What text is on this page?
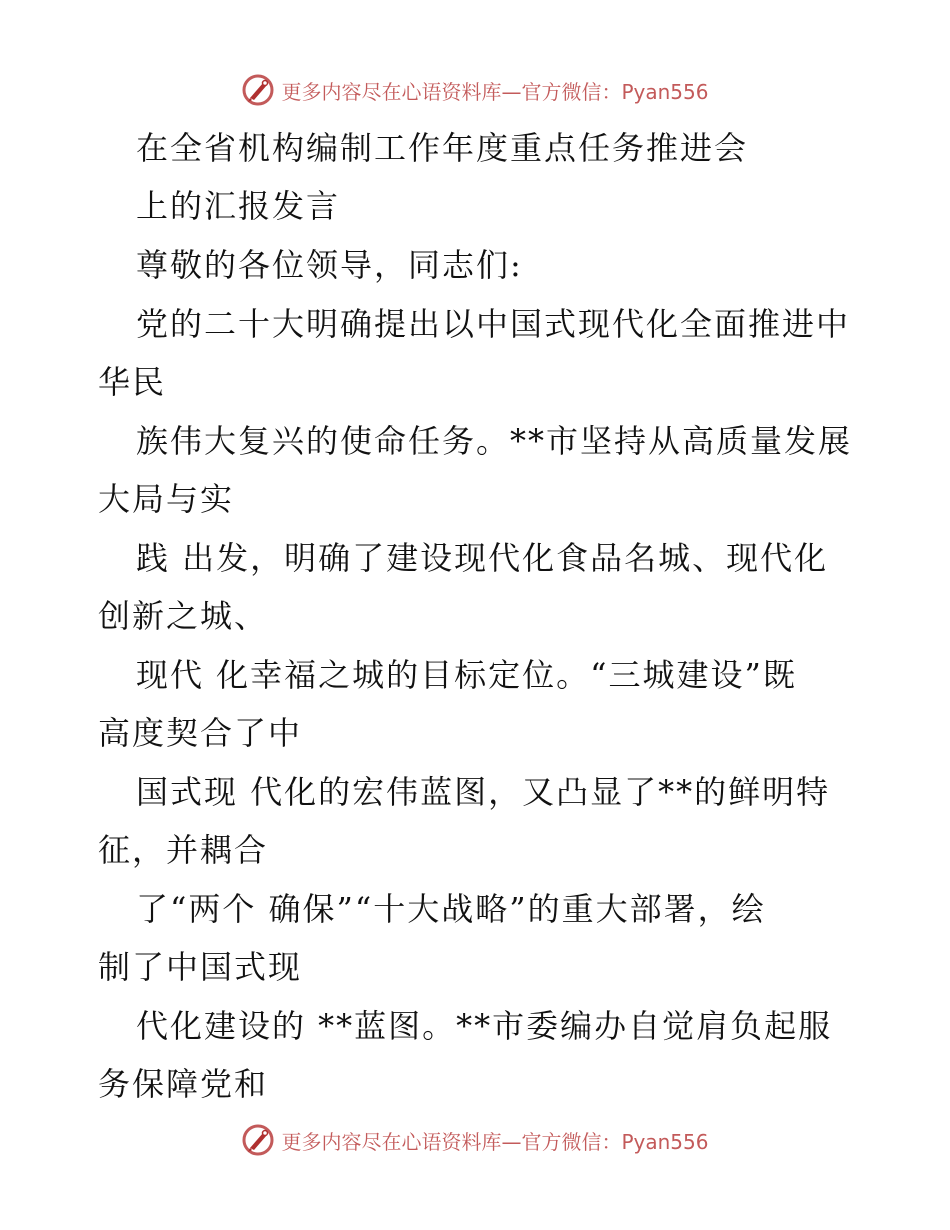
更多内容尽在心语资料库—官方微信：Pyan556
在全省机构编制工作年度重点任务推进会
上的汇报发言
尊敬的各位领导，同志们:
党的二十大明确提出以中国式现代化全面推进中
华民
族伟大复兴的使命任务。**市坚持从高质量发展
大局与实
践 出发，明确了建设现代化食品名城、现代化
创新之城、
现代 化幸福之城的目标定位。“三城建设”既
高度契合了中
国式现 代化的宏伟蓝图，又凸显了**的鲜明特
征，并耦合
了“两个 确保”“十大战略”的重大部署，绘
制了中国式现
代化建设的 **蓝图。**市委编办自觉肩负起服
务保障党和
更多内容尽在心语资料库—官方微信：Pyan556
